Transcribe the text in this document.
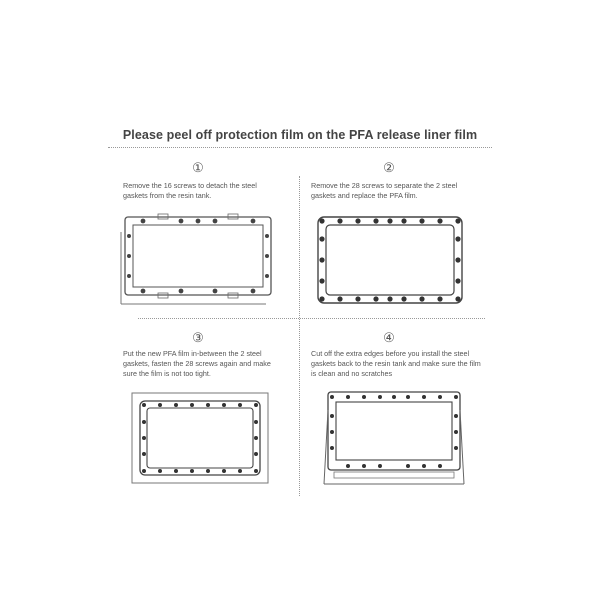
Please peel off protection film on the PFA release liner film
①
Remove the 16 screws to detach the steel gaskets from the resin tank.
②
Remove the 28 screws to separate the 2 steel gaskets and replace the PFA film.
③
Put the new PFA film in-between the 2 steel gaskets, fasten the 28 screws again and make sure the film is not too tight.
④
Cut off the extra edges before you install the steel gaskets back to the resin tank and make sure the film is clean and no scratches
